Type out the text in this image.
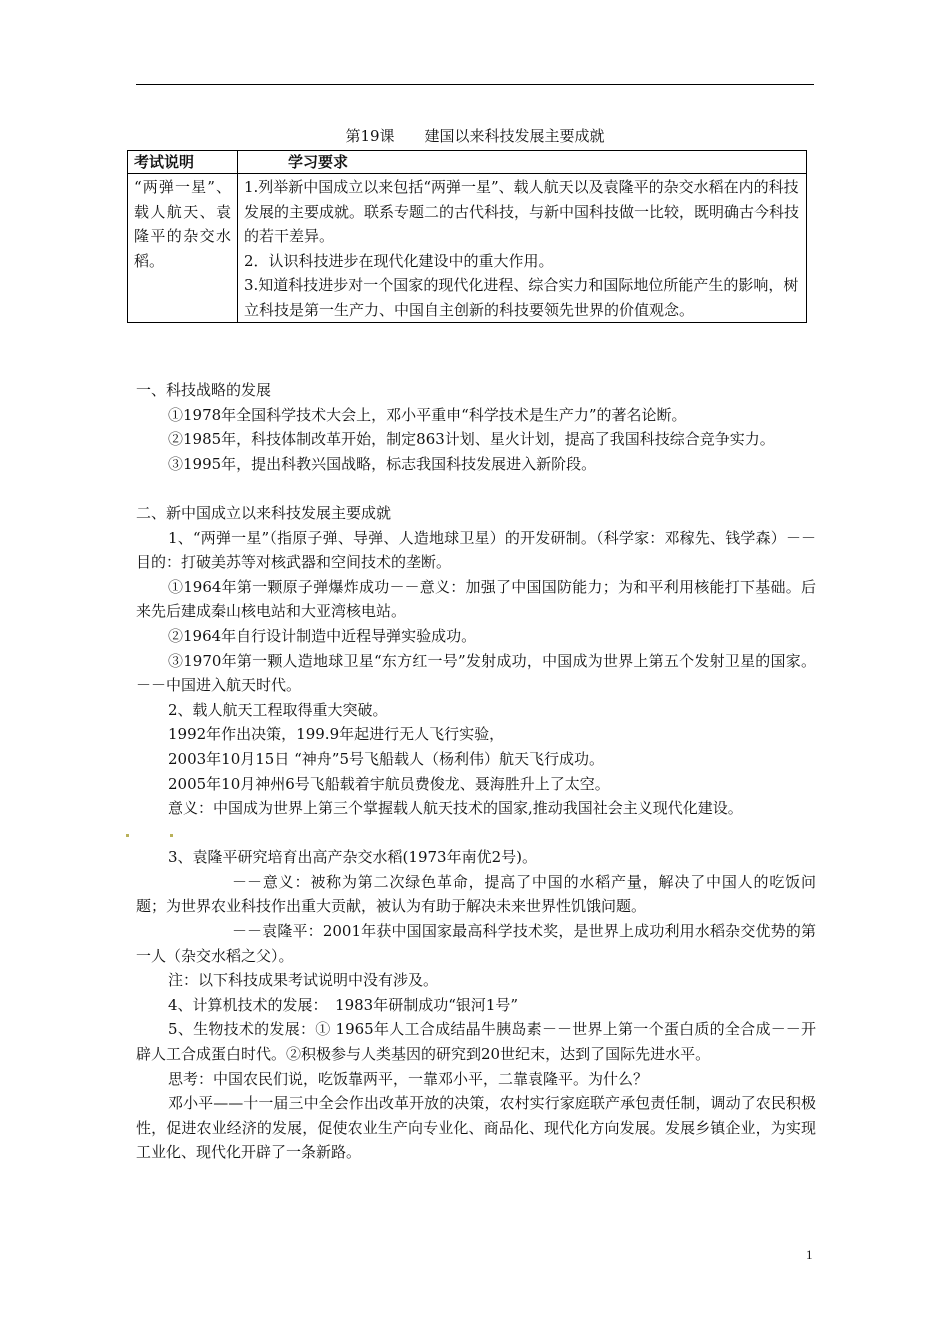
第19课　　建国以来科技发展主要成就
考试说明	学习要求
“两弹一星”、载人航天、袁隆平的杂交水稻。	1.列举新中国成立以来包括“两弹一星”、载人航天以及袁隆平的杂交水稻在内的科技发展的主要成就。联系专题二的古代科技，与新中国科技做一比较，既明确古今科技的若干差异。
2．认识科技进步在现代化建设中的重大作用。
3.知道科技进步对一个国家的现代化进程、综合实力和国际地位所能产生的影响，树立科技是第一生产力、中国自主创新的科技要领先世界的价值观念。

一、科技战略的发展

①1978年全国科学技术大会上，邓小平重申“科学技术是生产力”的著名论断。

②1985年，科技体制改革开始，制定863计划、星火计划，提高了我国科技综合竞争实力。

③1995年，提出科教兴国战略，标志我国科技发展进入新阶段。

二、新中国成立以来科技发展主要成就

1、“两弹一星”（指原子弹、导弹、人造地球卫星）的开发研制。（科学家：邓稼先、钱学森）－－目的：打破美苏等对核武器和空间技术的垄断。

①1964年第一颗原子弹爆炸成功－－意义：加强了中国国防能力；为和平利用核能打下基础。后来先后建成秦山核电站和大亚湾核电站。

②1964年自行设计制造中近程导弹实验成功。

③1970年第一颗人造地球卫星“东方红一号”发射成功，中国成为世界上第五个发射卫星的国家。－－中国进入航天时代。

2、载人航天工程取得重大突破。

1992年作出决策，199.9年起进行无人飞行实验，

2003年10月15日 “神舟”5号飞船载人（杨利伟）航天飞行成功。

2005年10月神州6号飞船载着宇航员费俊龙、聂海胜升上了太空。

意义：中国成为世界上第三个掌握载人航天技术的国家,推动我国社会主义现代化建设。

3、袁隆平研究培育出高产杂交水稻(1973年南优2号)。

－－意义：被称为第二次绿色革命，提高了中国的水稻产量，解决了中国人的吃饭问题；为世界农业科技作出重大贡献，被认为有助于解决未来世界性饥饿问题。

－－袁隆平：2001年获中国国家最高科学技术奖，是世界上成功利用水稻杂交优势的第一人（杂交水稻之父）。

注：以下科技成果考试说明中没有涉及。

4、计算机技术的发展：　1983年研制成功“银河1号”

5、生物技术的发展：① 1965年人工合成结晶牛胰岛素－－世界上第一个蛋白质的全合成－－开辟人工合成蛋白时代。②积极参与人类基因的研究到20世纪末，达到了国际先进水平。

思考：中国农民们说，吃饭靠两平，一靠邓小平，二靠袁隆平。为什么？

邓小平——十一届三中全会作出改革开放的决策，农村实行家庭联产承包责任制，调动了农民积极性，促进农业经济的发展，促使农业生产向专业化、商品化、现代化方向发展。发展乡镇企业，为实现工业化、现代化开辟了一条新路。

1
